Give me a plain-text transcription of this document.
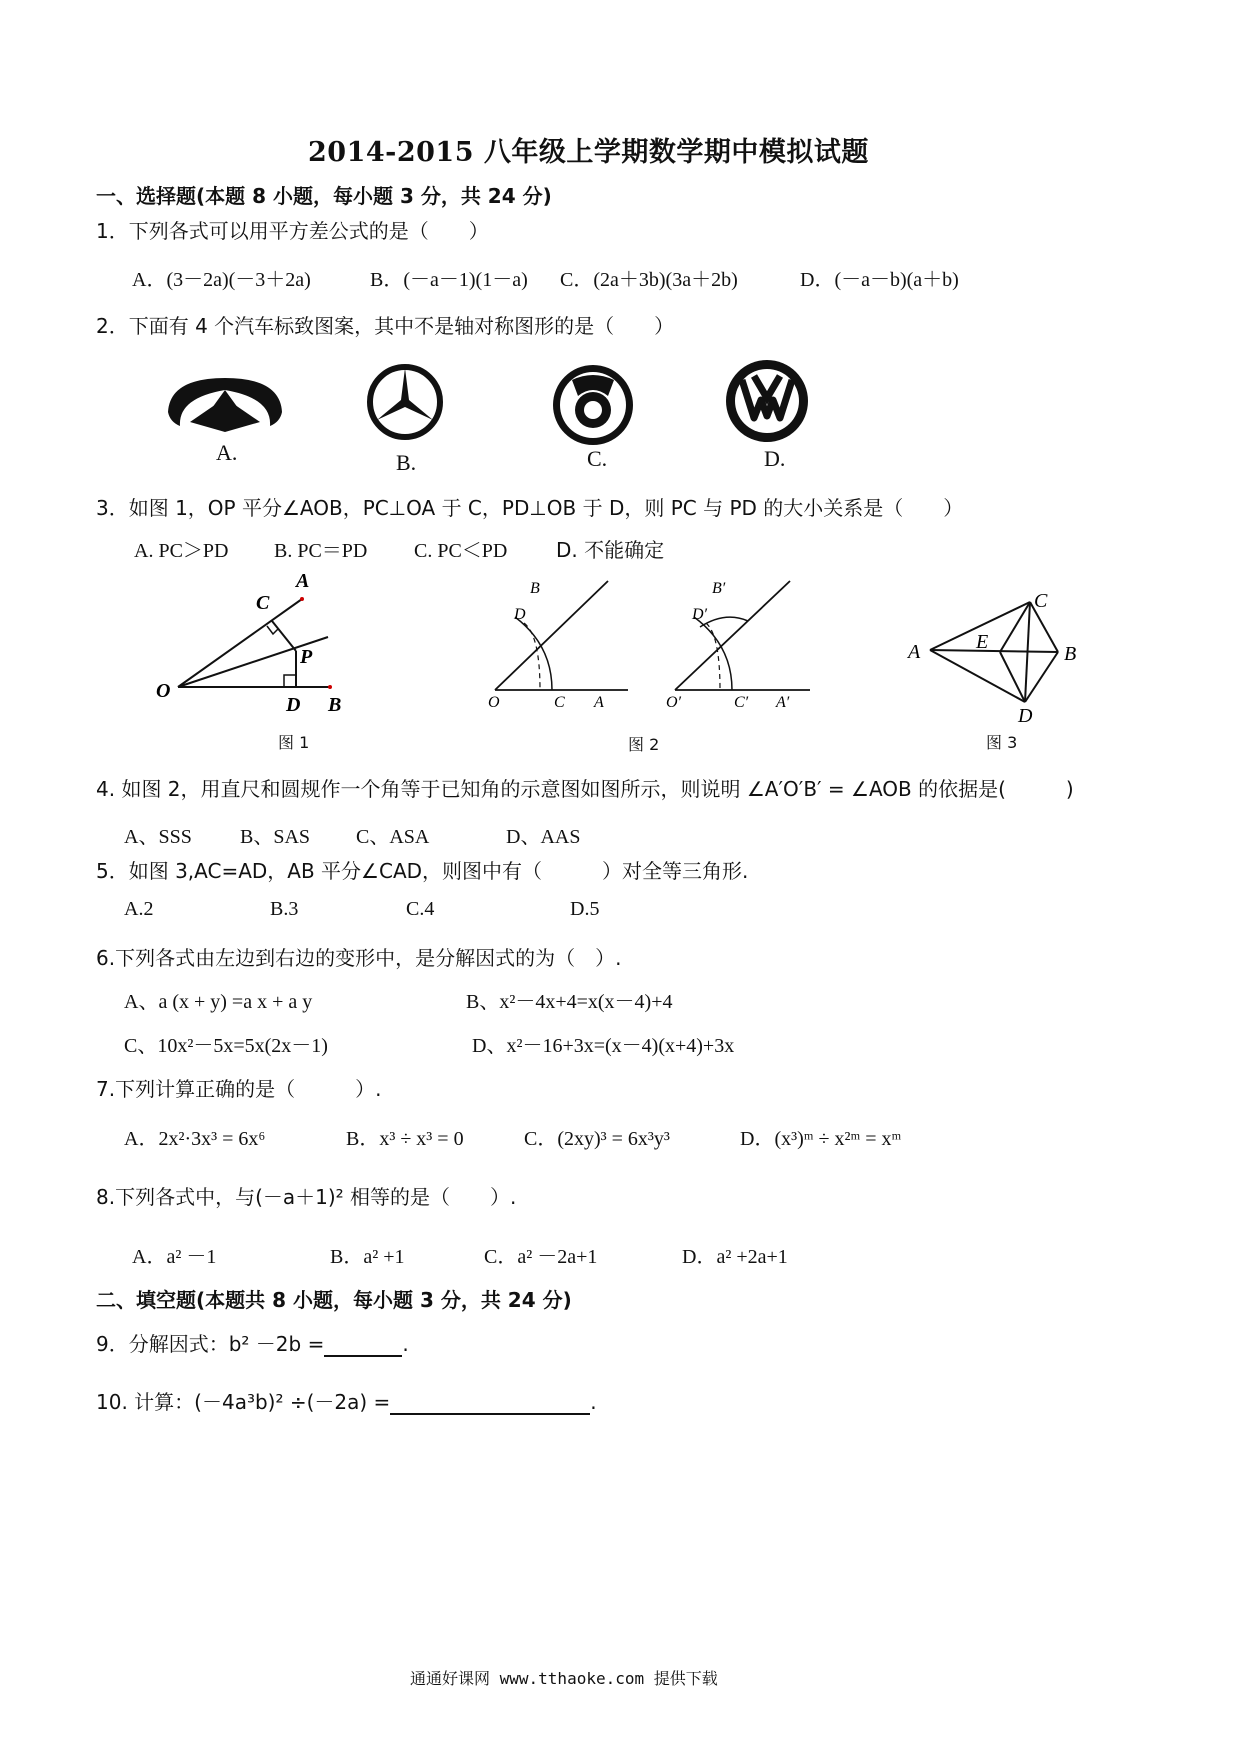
2014-2015 八年级上学期数学期中模拟试题
一、选择题(本题 8 小题，每小题 3 分，共 24 分)
1．下列各式可以用平方差公式的是（　　）
A．(3－2a)(－3＋2a)	B．(－a－1)(1－a) C．(2a＋3b)(3a＋2b)	D．(－a－b)(a＋b)
2．下面有 4 个汽车标致图案，其中不是轴对称图形的是（　　）
A.	B.	C.	D.
3．如图 1，OP 平分∠AOB，PC⊥OA 于 C，PD⊥OB 于 D，则 PC 与 PD 的大小关系是（　　）
A. PC＞PD B. PC＝PD C. PC＜PD D. 不能确定
A
C
P
O
D B
图 1
B
D
O	C A
B′
D′
O′	C′ A′
图 2
A
C
E
B
D
图 3
4. 如图 2，用直尺和圆规作一个角等于已知角的示意图如图所示，则说明 ∠A′O′B′ = ∠AOB 的依据是(　　　)
A、SSS B、SAS C、ASA	D、AAS
5．如图 3,AC=AD，AB 平分∠CAD，则图中有（　　　）对全等三角形.
A.2	B.3	C.4	D.5
6.下列各式由左边到右边的变形中，是分解因式的为（　）.
A、a (x + y) =a x + a y	B、x²－4x+4=x(x－4)+4
C、10x²－5x=5x(2x－1)	D、x²－16+3x=(x－4)(x+4)+3x
7.下列计算正确的是（　　　）.
A．2x²·3x³ = 6x⁶	B．x³ ÷ x³ = 0	C．(2xy)³ = 6x³y³	D．(x³)ᵐ ÷ x²ᵐ = xᵐ
8.下列各式中，与(－a＋1)² 相等的是（　　）.
A．a² －1	B．a² +1	C．a² －2a+1	D．a² +2a+1
二、填空题(本题共 8 小题，每小题 3 分，共 24 分)
9．分解因式：b² －2b =	.
10. 计算：(－4a³b)² ÷(－2a) =	.
通通好课网 www.tthaoke.com 提供下载
